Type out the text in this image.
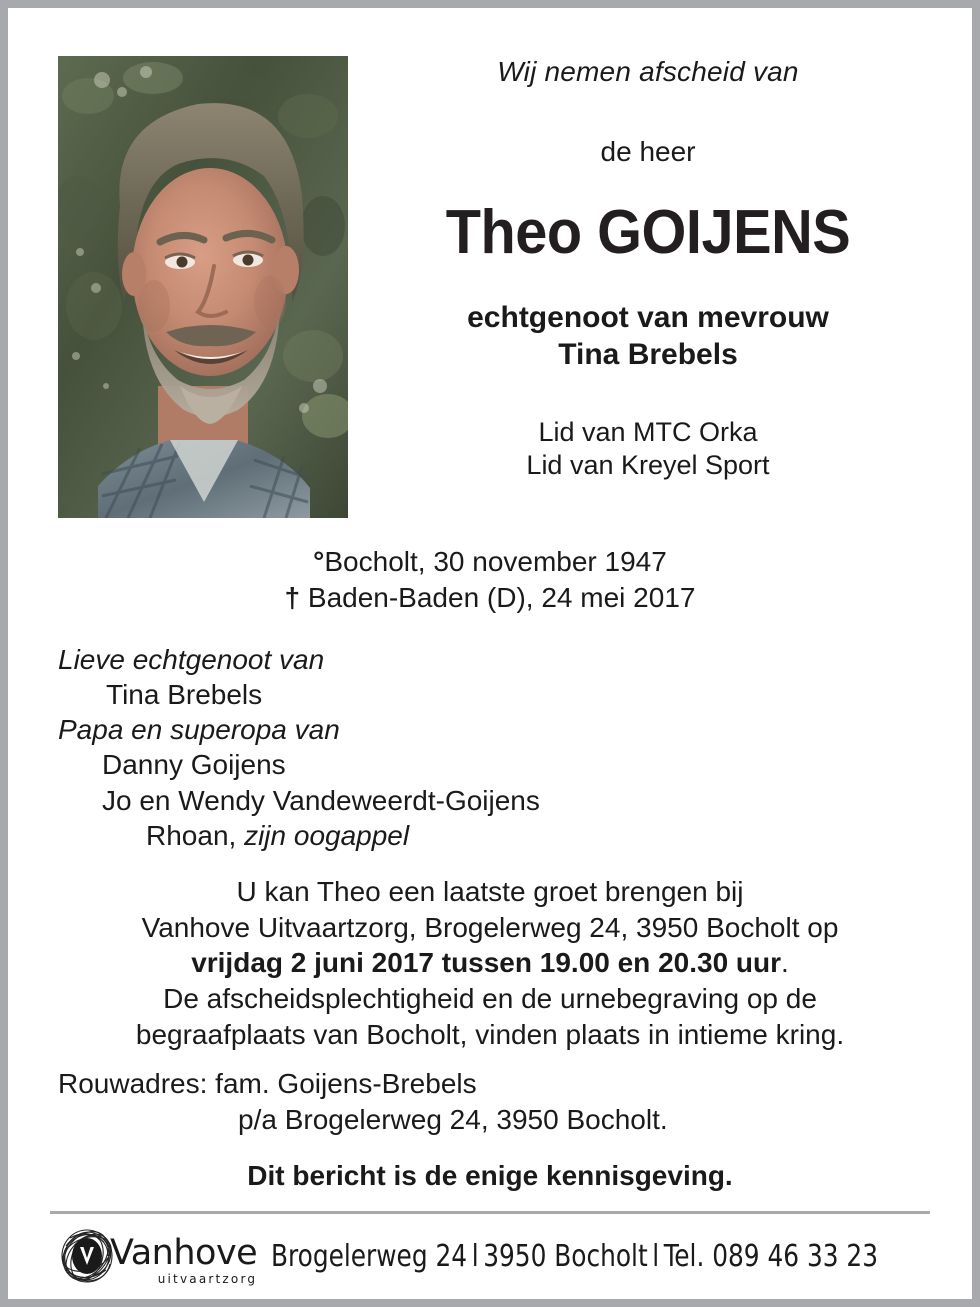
Wij nemen afscheid van
de heer
Theo GOIJENS
echtgenoot van mevrouw
Tina Brebels
Lid van MTC Orka
Lid van Kreyel Sport
°Bocholt, 30 november 1947
† Baden-Baden (D), 24 mei 2017
Lieve echtgenoot van
Tina Brebels
Papa en superopa van
Danny Goijens
Jo en Wendy Vandeweerdt-Goijens
Rhoan, zijn oogappel
U kan Theo een laatste groet brengen bij
Vanhove Uitvaartzorg, Brogelerweg 24, 3950 Bocholt op
vrijdag 2 juni 2017 tussen 19.00 en 20.30 uur.
De afscheidsplechtigheid en de urnebegraving op de
begraafplaats van Bocholt, vinden plaats in intieme kring.
Rouwadres: fam. Goijens-Brebels
p/a Brogelerweg 24, 3950 Bocholt.
Dit bericht is de enige kennisgeving.
Vanhove
uitvaartzorg
Brogelerweg 24 l 3950 Bocholt l Tel. 089 46 33 23
